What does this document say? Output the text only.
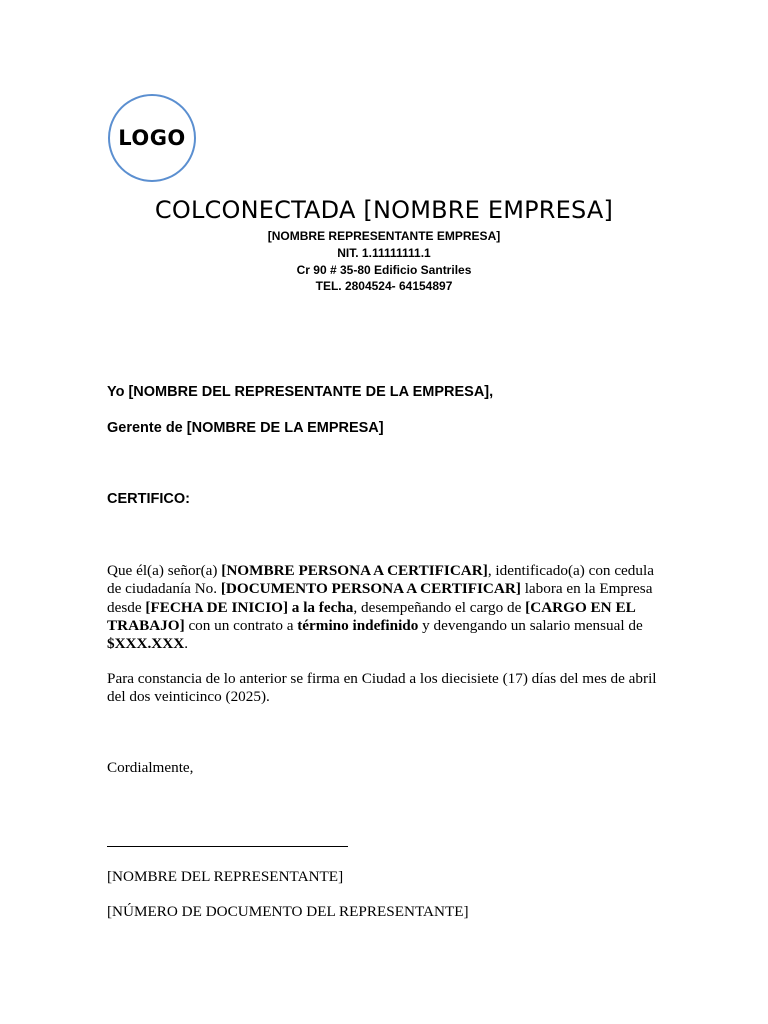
LOGO
COLCONECTADA [NOMBRE EMPRESA]
[NOMBRE REPRESENTANTE EMPRESA]
NIT. 1.11111111.1
Cr 90 # 35-80 Edificio Santriles
TEL. 2804524- 64154897
Yo [NOMBRE DEL REPRESENTANTE DE LA EMPRESA],
Gerente de [NOMBRE DE LA EMPRESA]
CERTIFICO:
Que él(a) señor(a) [NOMBRE PERSONA A CERTIFICAR], identificado(a) con cedula de ciudadanía No. [DOCUMENTO PERSONA A CERTIFICAR] labora en la Empresa desde [FECHA DE INICIO] a la fecha, desempeñando el cargo de [CARGO EN EL TRABAJO] con un contrato a término indefinido y devengando un salario mensual de $XXX.XXX.
Para constancia de lo anterior se firma en Ciudad a los diecisiete (17) días del mes de abril del dos veinticinco (2025).
Cordialmente,
[NOMBRE DEL REPRESENTANTE]
[NÚMERO DE DOCUMENTO DEL REPRESENTANTE]
